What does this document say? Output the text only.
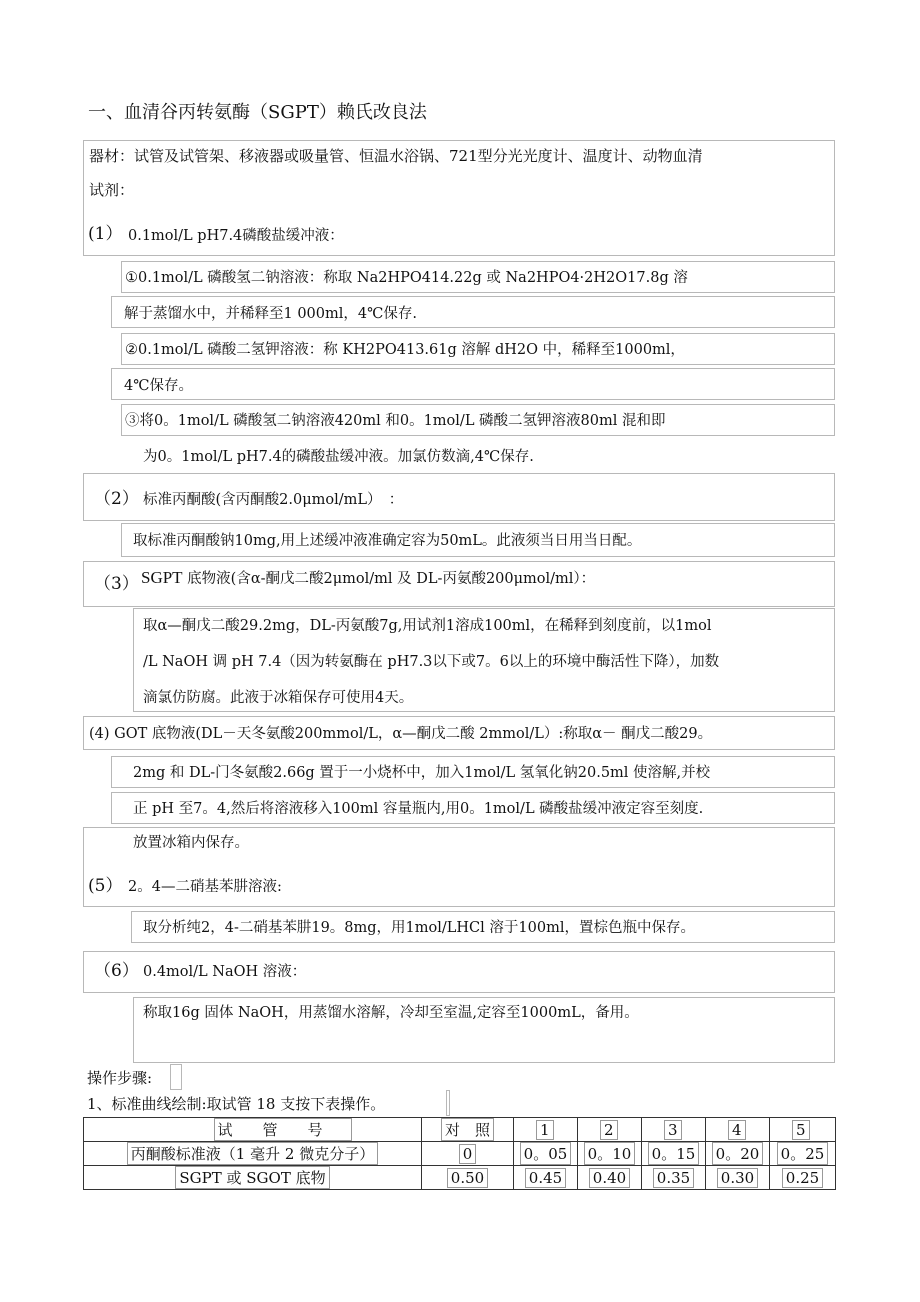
一、血清谷丙转氨酶（SGPT）赖氏改良法
器材：试管及试管架、移液器或吸量管、恒温水浴锅、721型分光光度计、温度计、动物血清
试剂：
(1） 0.1mol/L pH7.4磷酸盐缓冲液：
①0.1mol/L 磷酸氢二钠溶液：称取 Na2HPO414.22g 或 Na2HPO4·2H2O17.8g 溶
解于蒸馏水中，并稀释至1 000ml，4℃保存.
②0.1mol/L 磷酸二氢钾溶液：称 KH2PO413.61g 溶解 dH2O 中，稀释至1000ml，
4℃保存。
③将0。1mol/L 磷酸氢二钠溶液420ml 和0。1mol/L 磷酸二氢钾溶液80ml 混和即
为0。1mol/L pH7.4的磷酸盐缓冲液。加氯仿数滴,4℃保存.
（2） 标准丙酮酸(含丙酮酸2.0μmol/mL）　：
取标准丙酮酸钠10mg,用上述缓冲液准确定容为50mL。此液须当日用当日配。
（3） SGPT 底物液(含α-酮戊二酸2μmol/ml 及 DL-丙氨酸200μmol/ml）：
取α—酮戊二酸29.2mg，DL-丙氨酸7g,用试剂1溶成100ml，在稀释到刻度前，以1mol
/L NaOH 调 pH 7.4（因为转氨酶在 pH7.3以下或7。6以上的环境中酶活性下降），加数
滴氯仿防腐。此液于冰箱保存可使用4天。
(4) GOT 底物液(DL－天冬氨酸200mmol/L，α—酮戊二酸 2mmol/L）:称取α－ 酮戊二酸29。
2mg 和 DL-门冬氨酸2.66g 置于一小烧杯中，加入1mol/L 氢氧化钠20.5ml 使溶解,并校
正 pH 至7。4,然后将溶液移入100ml 容量瓶内,用0。1mol/L 磷酸盐缓冲液定容至刻度.
放置冰箱内保存。
(5） 2。4—二硝基苯肼溶液:
取分析纯2，4-二硝基苯肼19。8mg，用1mol/LHCl 溶于100ml，置棕色瓶中保存。
（6） 0.4mol/L NaOH 溶液：
称取16g 固体 NaOH，用蒸馏水溶解，冷却至室温,定容至1000mL，备用。
操作步骤:
1、标准曲线绘制:取试管 18 支按下表操作。
试　　管　　号	对　照	1	2	3	4	5
丙酮酸标准液（1 毫升 2 微克分子）	0	0。05	0。10	0。15	0。20	0。25
SGPT 或 SGOT 底物	0.50	0.45	0.40	0.35	0.30	0.25
